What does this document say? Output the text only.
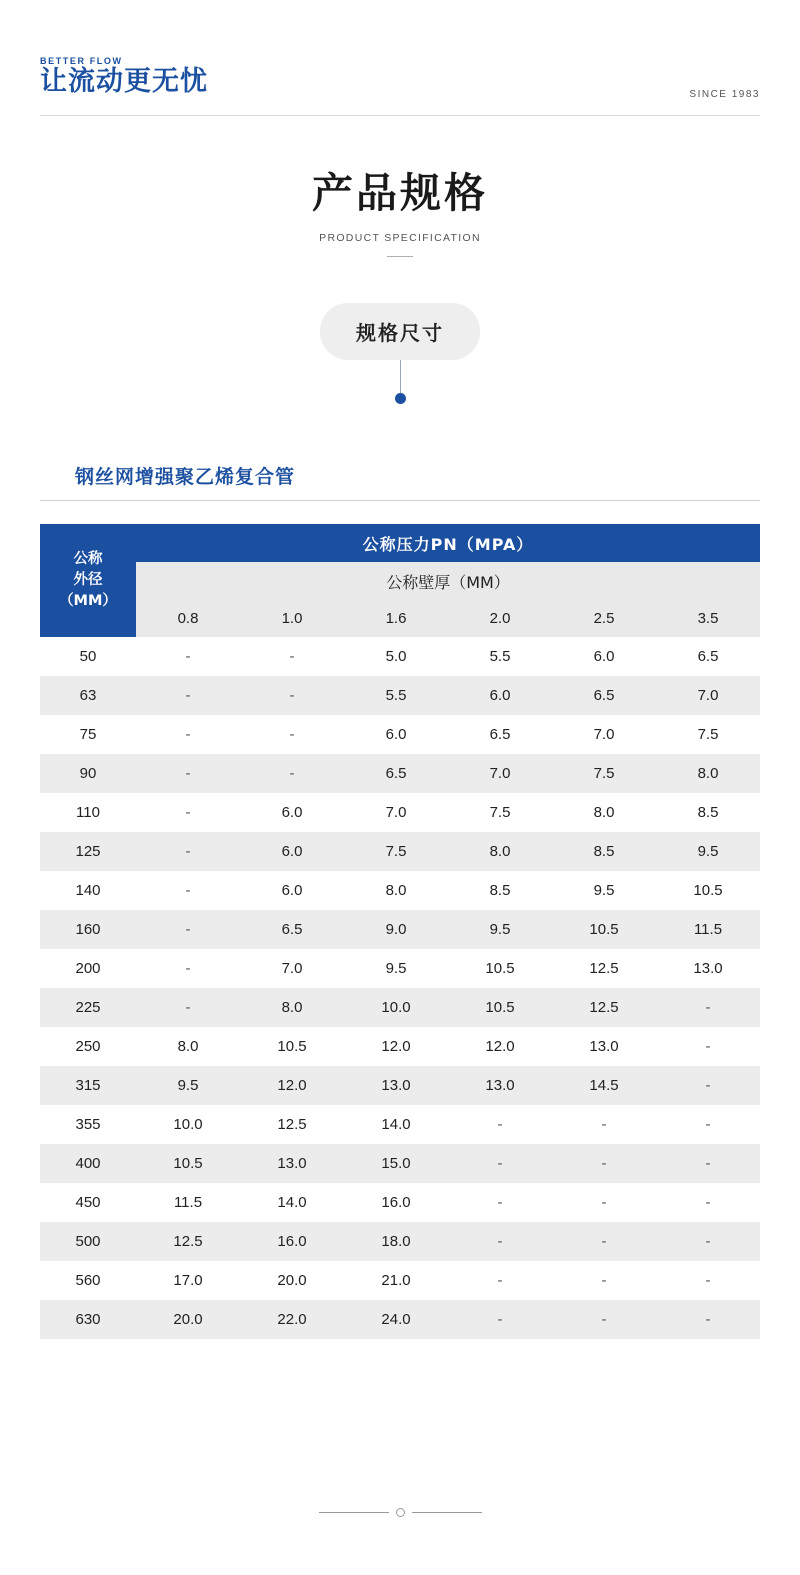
BETTER FLOW
让流动更无忧	SINCE 1983
产品规格
PRODUCT SPECIFICATION
规格尺寸
钢丝网增强聚乙烯复合管
公称
外径
（MM）	公称压力PN（MPA）					
	公称壁厚（MM）					
	0.8	1.0	1.6	2.0	2.5	3.5
50	-	-	5.0	5.5	6.0	6.5
63	-	-	5.5	6.0	6.5	7.0
75	-	-	6.0	6.5	7.0	7.5
90	-	-	6.5	7.0	7.5	8.0
110	-	6.0	7.0	7.5	8.0	8.5
125	-	6.0	7.5	8.0	8.5	9.5
140	-	6.0	8.0	8.5	9.5	10.5
160	-	6.5	9.0	9.5	10.5	11.5
200	-	7.0	9.5	10.5	12.5	13.0
225	-	8.0	10.0	10.5	12.5	-
250	8.0	10.5	12.0	12.0	13.0	-
315	9.5	12.0	13.0	13.0	14.5	-
355	10.0	12.5	14.0	-	-	-
400	10.5	13.0	15.0	-	-	-
450	11.5	14.0	16.0	-	-	-
500	12.5	16.0	18.0	-	-	-
560	17.0	20.0	21.0	-	-	-
630	20.0	22.0	24.0	-	-	-
